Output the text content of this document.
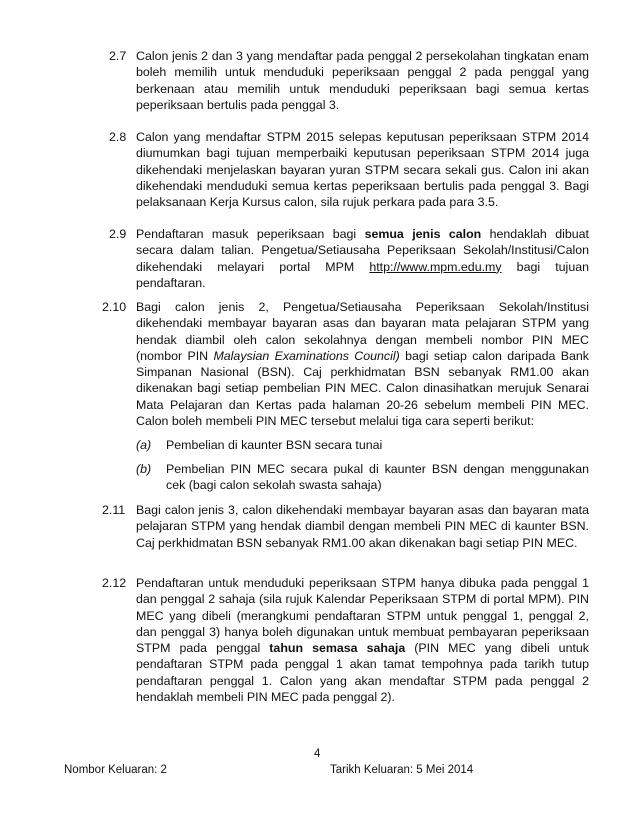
2.7 Calon jenis 2 dan 3 yang mendaftar pada penggal 2 persekolahan tingkatan enam boleh memilih untuk menduduki peperiksaan penggal 2 pada penggal yang berkenaan atau memilih untuk menduduki peperiksaan bagi semua kertas peperiksaan bertulis pada penggal 3.
2.8 Calon yang mendaftar STPM 2015 selepas keputusan peperiksaan STPM 2014 diumumkan bagi tujuan memperbaiki keputusan peperiksaan STPM 2014 juga dikehendaki menjelaskan bayaran yuran STPM secara sekali gus. Calon ini akan dikehendaki menduduki semua kertas peperiksaan bertulis pada penggal 3. Bagi pelaksanaan Kerja Kursus calon, sila rujuk perkara pada para 3.5.
2.9 Pendaftaran masuk peperiksaan bagi semua jenis calon hendaklah dibuat secara dalam talian. Pengetua/Setiausaha Peperiksaan Sekolah/Institusi/Calon dikehendaki melayari portal MPM http://www.mpm.edu.my bagi tujuan pendaftaran.
2.10 Bagi calon jenis 2, Pengetua/Setiausaha Peperiksaan Sekolah/Institusi dikehendaki membayar bayaran asas dan bayaran mata pelajaran STPM yang hendak diambil oleh calon sekolahnya dengan membeli nombor PIN MEC (nombor PIN Malaysian Examinations Council) bagi setiap calon daripada Bank Simpanan Nasional (BSN). Caj perkhidmatan BSN sebanyak RM1.00 akan dikenakan bagi setiap pembelian PIN MEC. Calon dinasihatkan merujuk Senarai Mata Pelajaran dan Kertas pada halaman 20-26 sebelum membeli PIN MEC. Calon boleh membeli PIN MEC tersebut melalui tiga cara seperti berikut:
(a) Pembelian di kaunter BSN secara tunai
(b) Pembelian PIN MEC secara pukal di kaunter BSN dengan menggunakan cek (bagi calon sekolah swasta sahaja)
2.11 Bagi calon jenis 3, calon dikehendaki membayar bayaran asas dan bayaran mata pelajaran STPM yang hendak diambil dengan membeli PIN MEC di kaunter BSN. Caj perkhidmatan BSN sebanyak RM1.00 akan dikenakan bagi setiap PIN MEC.
2.12 Pendaftaran untuk menduduki peperiksaan STPM hanya dibuka pada penggal 1 dan penggal 2 sahaja (sila rujuk Kalendar Peperiksaan STPM di portal MPM). PIN MEC yang dibeli (merangkumi pendaftaran STPM untuk penggal 1, penggal 2, dan penggal 3) hanya boleh digunakan untuk membuat pembayaran peperiksaan STPM pada penggal tahun semasa sahaja (PIN MEC yang dibeli untuk pendaftaran STPM pada penggal 1 akan tamat tempohnya pada tarikh tutup pendaftaran penggal 1. Calon yang akan mendaftar STPM pada penggal 2 hendaklah membeli PIN MEC pada penggal 2).
4
Nombor Keluaran: 2	Tarikh Keluaran: 5 Mei 2014
